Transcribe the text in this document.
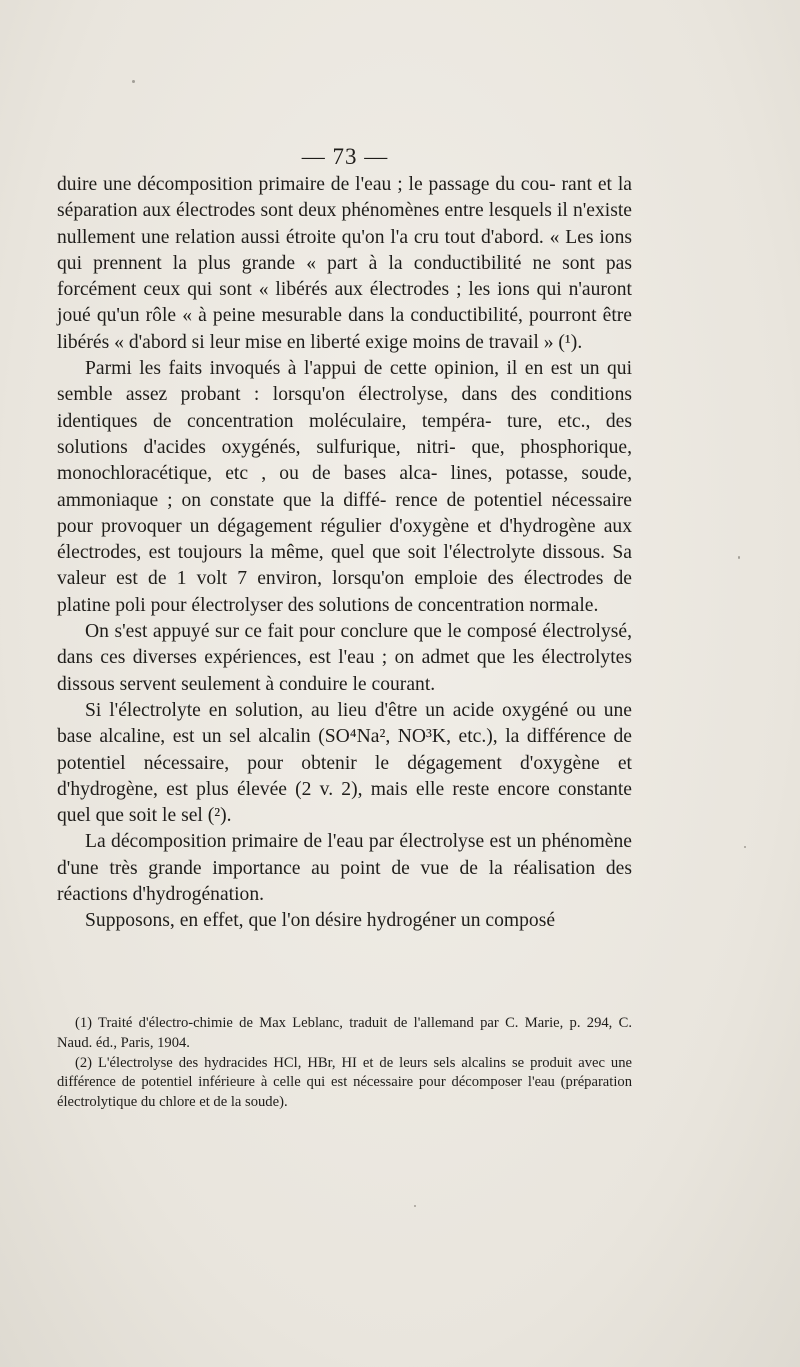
— 73 —

duire une décomposition primaire de l'eau ; le passage du cou- rant et la séparation aux électrodes sont deux phénomènes entre lesquels il n'existe nullement une relation aussi étroite qu'on l'a cru tout d'abord. « Les ions qui prennent la plus grande « part à la conductibilité ne sont pas forcément ceux qui sont « libérés aux électrodes ; les ions qui n'auront joué qu'un rôle « à peine mesurable dans la conductibilité, pourront être libérés « d'abord si leur mise en liberté exige moins de travail » (¹).

Parmi les faits invoqués à l'appui de cette opinion, il en est un qui semble assez probant : lorsqu'on électrolyse, dans des conditions identiques de concentration moléculaire, tempéra- ture, etc., des solutions d'acides oxygénés, sulfurique, nitri- que, phosphorique, monochloracétique, etc , ou de bases alca- lines, potasse, soude, ammoniaque ; on constate que la diffé- rence de potentiel nécessaire pour provoquer un dégagement régulier d'oxygène et d'hydrogène aux électrodes, est toujours la même, quel que soit l'électrolyte dissous. Sa valeur est de 1 volt 7 environ, lorsqu'on emploie des électrodes de platine poli pour électrolyser des solutions de concentration normale.

On s'est appuyé sur ce fait pour conclure que le composé électrolysé, dans ces diverses expériences, est l'eau ; on admet que les électrolytes dissous servent seulement à conduire le courant.

Si l'électrolyte en solution, au lieu d'être un acide oxygéné ou une base alcaline, est un sel alcalin (SO⁴Na², NO³K, etc.), la différence de potentiel nécessaire, pour obtenir le dégagement d'oxygène et d'hydrogène, est plus élevée (2 v. 2), mais elle reste encore constante quel que soit le sel (²).

La décomposition primaire de l'eau par électrolyse est un phénomène d'une très grande importance au point de vue de la réalisation des réactions d'hydrogénation.

Supposons, en effet, que l'on désire hydrogéner un composé

(1) Traité d'électro-chimie de Max Leblanc, traduit de l'allemand par C. Marie, p. 294, C. Naud. éd., Paris, 1904.

(2) L'électrolyse des hydracides HCl, HBr, HI et de leurs sels alcalins se produit avec une différence de potentiel inférieure à celle qui est nécessaire pour décomposer l'eau (préparation électrolytique du chlore et de la soude).
